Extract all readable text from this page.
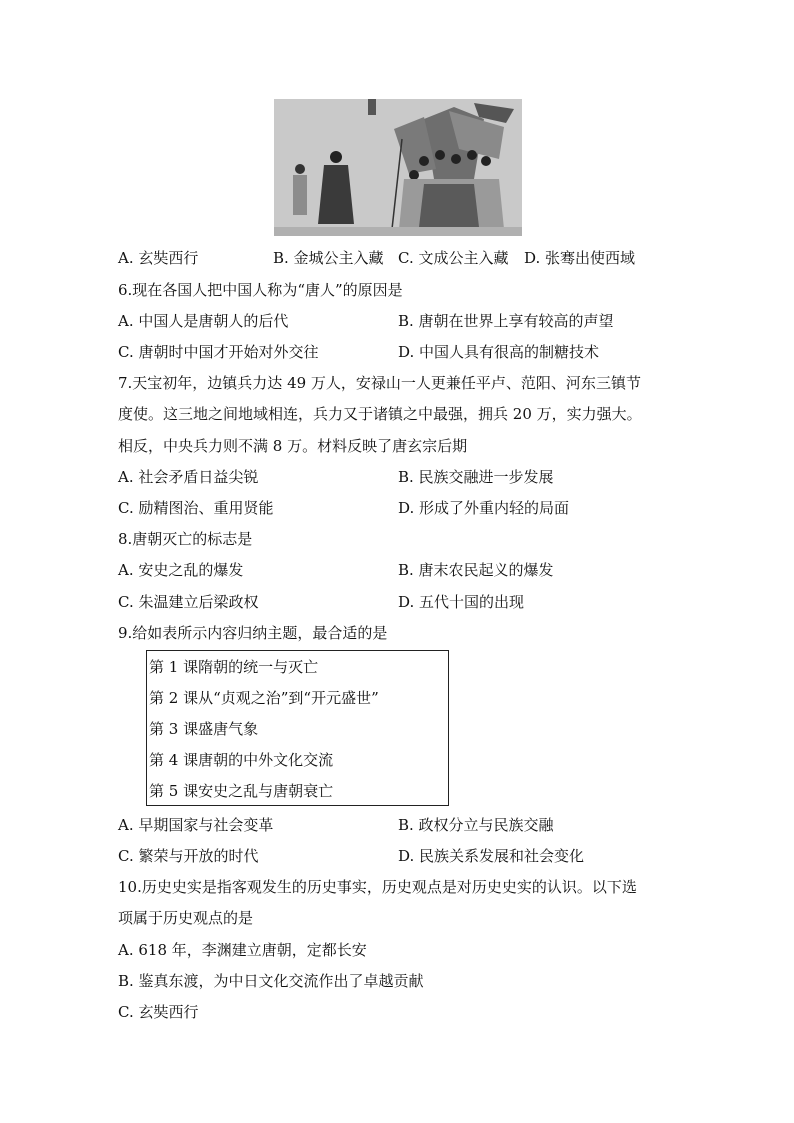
A. 玄奘西行	B. 金城公主入藏 C. 文成公主入藏 D. 张骞出使西域
6.现在各国人把中国人称为“唐人”的原因是
A. 中国人是唐朝人的后代	B. 唐朝在世界上享有较高的声望
C. 唐朝时中国才开始对外交往	D. 中国人具有很高的制糖技术
7.天宝初年，边镇兵力达 49 万人，安禄山一人更兼任平卢、范阳、河东三镇节
度使。这三地之间地域相连，兵力又于诸镇之中最强，拥兵 20 万，实力强大。
相反，中央兵力则不满 8 万。材料反映了唐玄宗后期
A. 社会矛盾日益尖锐	B. 民族交融进一步发展
C. 励精图治、重用贤能	D. 形成了外重内轻的局面
8.唐朝灭亡的标志是
A. 安史之乱的爆发	B. 唐末农民起义的爆发
C. 朱温建立后梁政权	D. 五代十国的出现
9.给如表所示内容归纳主题，最合适的是
第 1 课隋朝的统一与灭亡
第 2 课从“贞观之治”到“开元盛世”
第 3 课盛唐气象
第 4 课唐朝的中外文化交流
第 5 课安史之乱与唐朝衰亡
A. 早期国家与社会变革	B. 政权分立与民族交融
C. 繁荣与开放的时代	D. 民族关系发展和社会变化
10.历史史实是指客观发生的历史事实，历史观点是对历史史实的认识。以下选
项属于历史观点的是
A. 618 年，李渊建立唐朝，定都长安
B. 鉴真东渡，为中日文化交流作出了卓越贡献
C. 玄奘西行
